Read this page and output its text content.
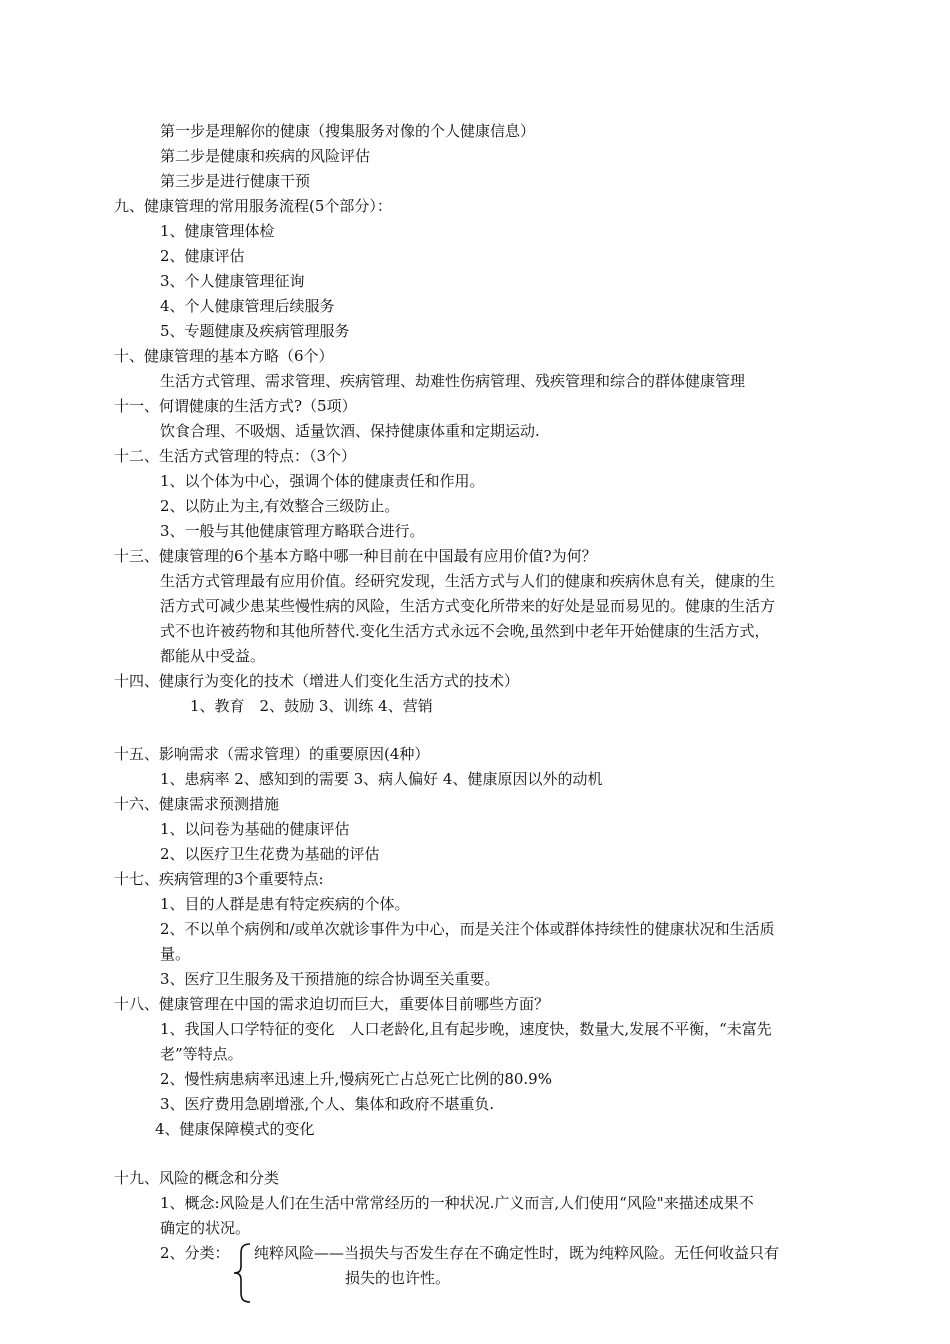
第一步是理解你的健康（搜集服务对像的个人健康信息）
第二步是健康和疾病的风险评估
第三步是进行健康干预
九、健康管理的常用服务流程(5个部分）：
1、健康管理体检
2、健康评估
3、个人健康管理征询
4、个人健康管理后续服务
5、专题健康及疾病管理服务
十、健康管理的基本方略（6个）
生活方式管理、需求管理、疾病管理、劫难性伤病管理、残疾管理和综合的群体健康管理
十一、何谓健康的生活方式?（5项）
饮食合理、不吸烟、适量饮酒、保持健康体重和定期运动.
十二、生活方式管理的特点：（3个）
1、以个体为中心，强调个体的健康责任和作用。
2、以防止为主,有效整合三级防止。
3、一般与其他健康管理方略联合进行。
十三、健康管理的6个基本方略中哪一种目前在中国最有应用价值?为何？
生活方式管理最有应用价值。经研究发现，生活方式与人们的健康和疾病休息有关，健康的生
活方式可减少患某些慢性病的风险，生活方式变化所带来的好处是显而易见的。健康的生活方
式不也许被药物和其他所替代.变化生活方式永远不会晚,虽然到中老年开始健康的生活方式，
都能从中受益。
十四、健康行为变化的技术（增进人们变化生活方式的技术）
1、教育　2、鼓励 3、训练 4、营销
十五、影响需求（需求管理）的重要原因(4种）
1、患病率 2、感知到的需要 3、病人偏好 4、健康原因以外的动机
十六、健康需求预测措施
1、以问卷为基础的健康评估
2、以医疗卫生花费为基础的评估
十七、疾病管理的3个重要特点:
1、目的人群是患有特定疾病的个体。
2、不以单个病例和/或单次就诊事件为中心，而是关注个体或群体持续性的健康状况和生活质
量。
3、医疗卫生服务及干预措施的综合协调至关重要。
十八、健康管理在中国的需求迫切而巨大，重要体目前哪些方面？
1、我国人口学特征的变化　人口老龄化,且有起步晚，速度快，数量大,发展不平衡，“未富先
老”等特点。
2、慢性病患病率迅速上升,慢病死亡占总死亡比例的80.9%
3、医疗费用急剧增涨,个人、集体和政府不堪重负.
4、健康保障模式的变化
十九、风险的概念和分类
1、概念:风险是人们在生活中常常经历的一种状况.广义而言,人们使用“风险"来描述成果不
确定的状况。
2、分类： 纯粹风险——当损失与否发生存在不确定性时，既为纯粹风险。无任何收益只有
损失的也许性。
